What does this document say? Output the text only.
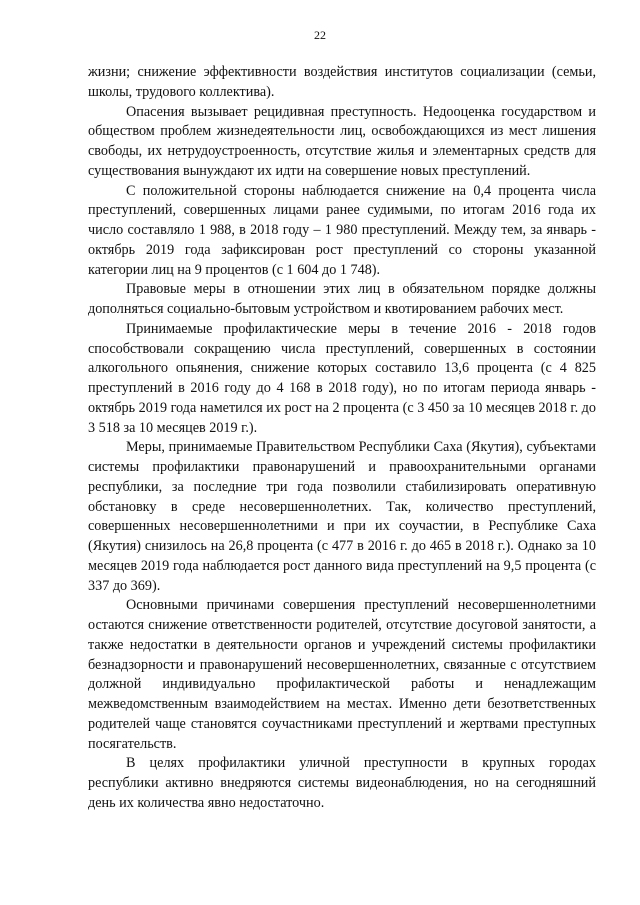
22

жизни; снижение эффективности воздействия институтов социализации (семьи, школы, трудового коллектива).

Опасения вызывает рецидивная преступность. Недооценка государством и обществом проблем жизнедеятельности лиц, освобождающихся из мест лишения свободы, их нетрудоустроенность, отсутствие жилья и элементарных средств для существования вынуждают их идти на совершение новых преступлений.

С положительной стороны наблюдается снижение на 0,4 процента числа преступлений, совершенных лицами ранее судимыми, по итогам 2016 года их число составляло 1 988, в 2018 году – 1 980 преступлений. Между тем, за январь - октябрь 2019 года зафиксирован рост преступлений со стороны указанной категории лиц на 9 процентов (с 1 604 до 1 748).

Правовые меры в отношении этих лиц в обязательном порядке должны дополняться социально-бытовым устройством и квотированием рабочих мест.

Принимаемые профилактические меры в течение 2016 - 2018 годов способствовали сокращению числа преступлений, совершенных в состоянии алкогольного опьянения, снижение которых составило 13,6 процента (с 4 825 преступлений в 2016 году до 4 168 в 2018 году), но по итогам периода январь - октябрь 2019 года наметился их рост на 2 процента (с 3 450 за 10 месяцев 2018 г. до 3 518 за 10 месяцев 2019 г.).

Меры, принимаемые Правительством Республики Саха (Якутия), субъектами системы профилактики правонарушений и правоохранительными органами республики, за последние три года позволили стабилизировать оперативную обстановку в среде несовершеннолетних. Так, количество преступлений, совершенных несовершеннолетними и при их соучастии, в Республике Саха (Якутия) снизилось на 26,8 процента (с 477 в 2016 г. до 465 в 2018 г.). Однако за 10 месяцев 2019 года наблюдается рост данного вида преступлений на 9,5 процента (с 337 до 369).

Основными причинами совершения преступлений несовершеннолетними остаются снижение ответственности родителей, отсутствие досуговой занятости, а также недостатки в деятельности органов и учреждений системы профилактики безнадзорности и правонарушений несовершеннолетних, связанные с отсутствием должной индивидуально профилактической работы и ненадлежащим межведомственным взаимодействием на местах. Именно дети безответственных родителей чаще становятся соучастниками преступлений и жертвами преступных посягательств.

В целях профилактики уличной преступности в крупных городах республики активно внедряются системы видеонаблюдения, но на сегодняшний день их количества явно недостаточно.
